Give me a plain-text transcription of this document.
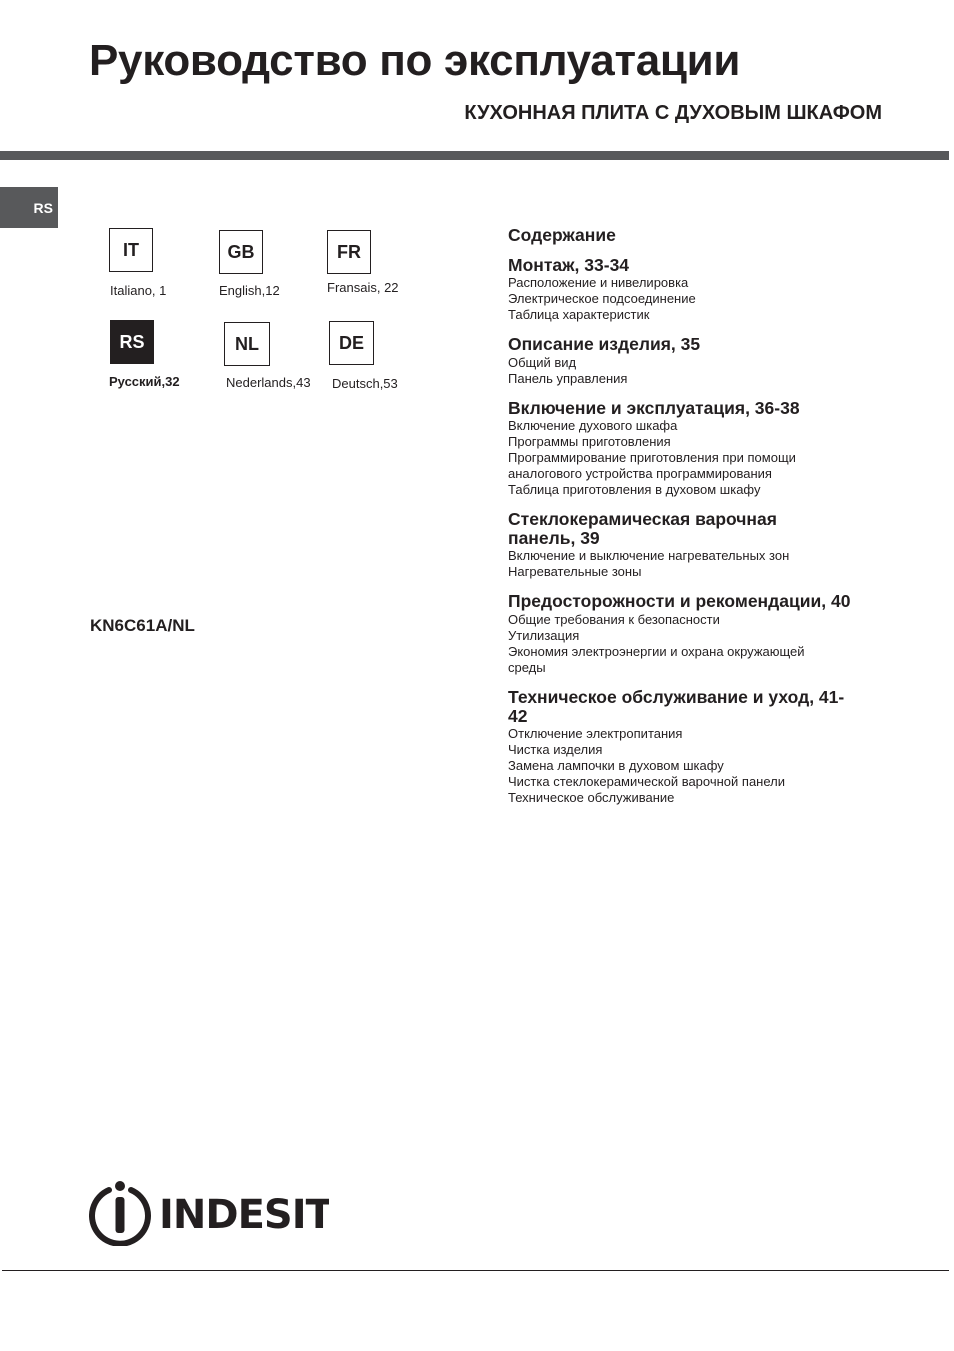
Руководство по эксплуатации
КУХОННАЯ ПЛИТА С ДУХОВЫМ ШКАФОМ
RS
IT
Italiano, 1
GB
English,12
FR
Fransais, 22
RS
Русский,32
NL
Nederlands,43
DE
Deutsch,53
KN6C61A/NL
Содержание
Монтаж, 33-34
Расположение и нивелировка
Электрическое подсоединение
Таблица характеристик
Описание изделия, 35
Общий вид
Панель управления
Включение и эксплуатация, 36-38
Включение духового шкафа
Программы приготовления
Программирование приготовления при помощи
аналогового устройства программирования
Таблица приготовления в духовом шкафу
Стеклокерамическая варочная панель, 39
Включение и выключение нагревательных зон
Нагревательные зоны
Предосторожности и рекомендации, 40
Общие требования к безопасности
Утилизация
Экономия электроэнергии и охрана окружающей
среды
Техническое обслуживание и уход, 41-42
Отключение электропитания
Чистка изделия
Замена лампочки в духовом шкафу
Чистка стеклокерамической варочной панели
Техническое обслуживание
INDESIT
